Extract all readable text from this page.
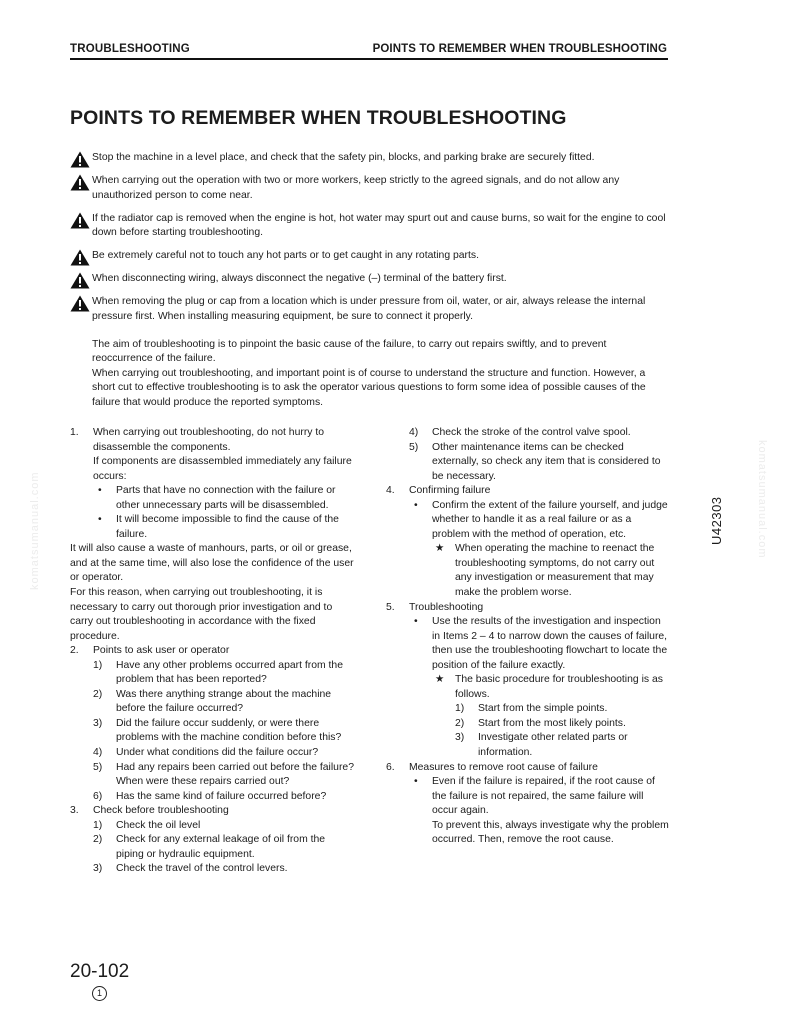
TROUBLESHOOTING	POINTS TO REMEMBER WHEN TROUBLESHOOTING
POINTS TO REMEMBER WHEN TROUBLESHOOTING
Stop the machine in a level place, and check that the safety pin, blocks, and parking brake are securely fitted.
When carrying out the operation with two or more workers, keep strictly to the agreed signals, and do not allow any unauthorized person to come near.
If the radiator cap is removed when the engine is hot, hot water may spurt out and cause burns, so wait for the engine to cool down before starting troubleshooting.
Be extremely careful not to touch any hot parts or to get caught in any rotating parts.
When disconnecting wiring, always disconnect the negative (–) terminal of the battery first.
When removing the plug or cap from a location which is under pressure from oil, water, or air, always release the internal pressure first. When installing measuring equipment, be sure to connect it properly.

The aim of troubleshooting is to pinpoint the basic cause of the failure, to carry out repairs swiftly, and to prevent reoccurrence of the failure.

When carrying out troubleshooting, and important point is of course to understand the structure and function. However, a short cut to effective troubleshooting is to ask the operator various questions to form some idea of possible causes of the failure that would produce the reported symptoms.

1. When carrying out troubleshooting, do not hurry to disassemble the components.
If components are disassembled immediately any failure occurs:
• Parts that have no connection with the failure or other unnecessary parts will be disassembled.
• It will become impossible to find the cause of the failure.
It will also cause a waste of manhours, parts, or oil or grease, and at the same time, will also lose the confidence of the user or operator.
For this reason, when carrying out troubleshooting, it is necessary to carry out thorough prior investigation and to carry out troubleshooting in accordance with the fixed procedure.
2. Points to ask user or operator
1) Have any other problems occurred apart from the problem that has been reported?
2) Was there anything strange about the machine before the failure occurred?
3) Did the failure occur suddenly, or were there problems with the machine condition before this?
4) Under what conditions did the failure occur?
5) Had any repairs been carried out before the failure?
When were these repairs carried out?
6) Has the same kind of failure occurred before?
3. Check before troubleshooting
1) Check the oil level
2) Check for any external leakage of oil from the piping or hydraulic equipment.
3) Check the travel of the control levers.
4) Check the stroke of the control valve spool.
5) Other maintenance items can be checked externally, so check any item that is considered to be necessary.
4. Confirming failure
• Confirm the extent of the failure yourself, and judge whether to handle it as a real failure or as a problem with the method of operation, etc.
★ When operating the machine to reenact the troubleshooting symptoms, do not carry out any investigation or measurement that may make the problem worse.
5. Troubleshooting
• Use the results of the investigation and inspection in Items 2 – 4 to narrow down the causes of failure, then use the troubleshooting flowchart to locate the position of the failure exactly.
★ The basic procedure for troubleshooting is as follows.
1) Start from the simple points.
2) Start from the most likely points.
3) Investigate other related parts or information.
6. Measures to remove root cause of failure
• Even if the failure is repaired, if the root cause of the failure is not repaired, the same failure will occur again.
To prevent this, always investigate why the problem occurred. Then, remove the root cause.
20-102
1
U42303
komatsumanual.com	komatsumanual.com
